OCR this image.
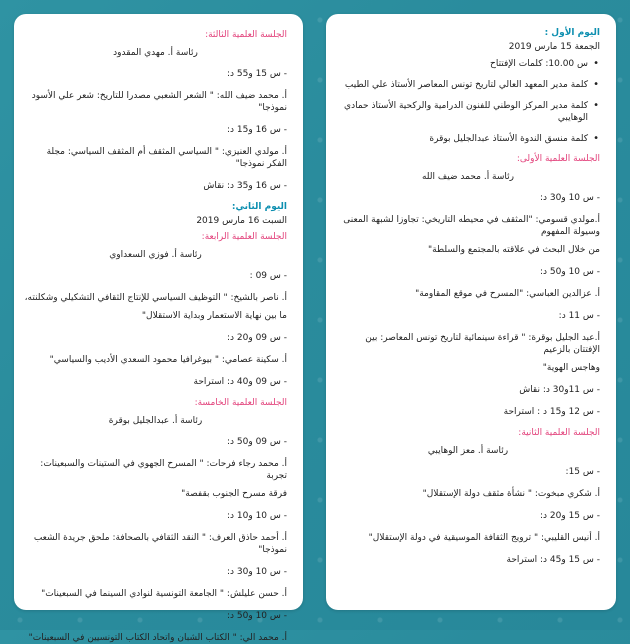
اليوم الأول :

الجمعة 15 مارس 2019

• س 10.00: كلمات الإفتتاح
• كلمة مدير المعهد العالي لتاريخ تونس المعاصر الأستاذ علي الطيب
• كلمة مدير المركز الوطني للفنون الدرامية والركحية الأستاذ حمادي الوهايبي
• كلمة منسق الندوة الأستاذ عبدالجليل بوقرة

الجلسة العلمية الأولى:

رئاسة أ. محمد ضيف الله

- س 10 و30 د:

أ.مولدي قسومي: "المثقف في محيطه التاريخي: تجاوزا لشبهة المعنى وسيولة المفهوم

من خلال البحث في علاقته بالمجتمع والسلطة"

- س 10 و50 د:

أ. عزالدين العباسي: "المسرح في موقع المقاومة"

- س 11 د:

أ.عبد الجليل بوقرة: " قراءة سينمائية لتاريخ تونس المعاصر: بين الإفتتان بالزعيم

وهاجس الهوية"

- س 11و30 د: نقاش

- س 12 و15 د : استراحة

الجلسة العلمية الثانية:

رئاسة أ. معز الوهايبي

- س 15:

أ. شكري مبخوت: " نشأة مثقف دولة الإستقلال"

- س 15 و20 د:

أ. أنيس القليبي: " ترويج الثقافة الموسيقية في دولة الإستقلال"

- س 15 و45 د: استراحة

الجلسة العلمية الثالثة:

رئاسة أ. مهدي المقدود

- س 15 و55 د:

أ. محمد ضيف الله: " الشعر الشعبي مصدرا للتاريخ: شعر علي الأسود نموذجا"

- س 16 و15 د:

أ. مولدي العنيزي: " السياسي المثقف أم المثقف السياسي: مجلة الفكر نموذجا"

- س 16 و35 د: نقاش

اليوم الثاني:

السبت 16 مارس 2019

الجلسة العلمية الرابعة:

رئاسة أ. فوزي السعداوي

- س 09 :

أ. ناصر بالشيخ: " التوظيف السياسي للإنتاج الثقافي التشكيلي وشكلنته،

ما بين نهاية الاستعمار وبداية الاستقلال"

- س 09 و20 د:

أ. سكينة عصامي: " بيوغرافيا محمود السعدي الأديب والسياسي"

- س 09 و40 د: استراحة

الجلسة العلمية الخامسة:

رئاسة أ. عبدالجليل بوقرة

- س 09 و50 د:

أ. محمد رجاء فرحات: " المسرح الجهوي في الستينات والسبعينات: تجربة

فرقة مسرح الجنوب بقفصة"

- س 10 و10 د:

أ. أحمد حاذق العرف: " النقد الثقافي بالصحافة: ملحق جريدة الشعب نموذجا"

- س 10 و30 د:

أ. حسن عليلش: " الجامعة التونسية لنوادي السينما في السبعينات"

- س 10 و50 د:

أ. محمد الي: " الكتاب الشبان واتحاد الكتاب التونسيين في السبعينات"
